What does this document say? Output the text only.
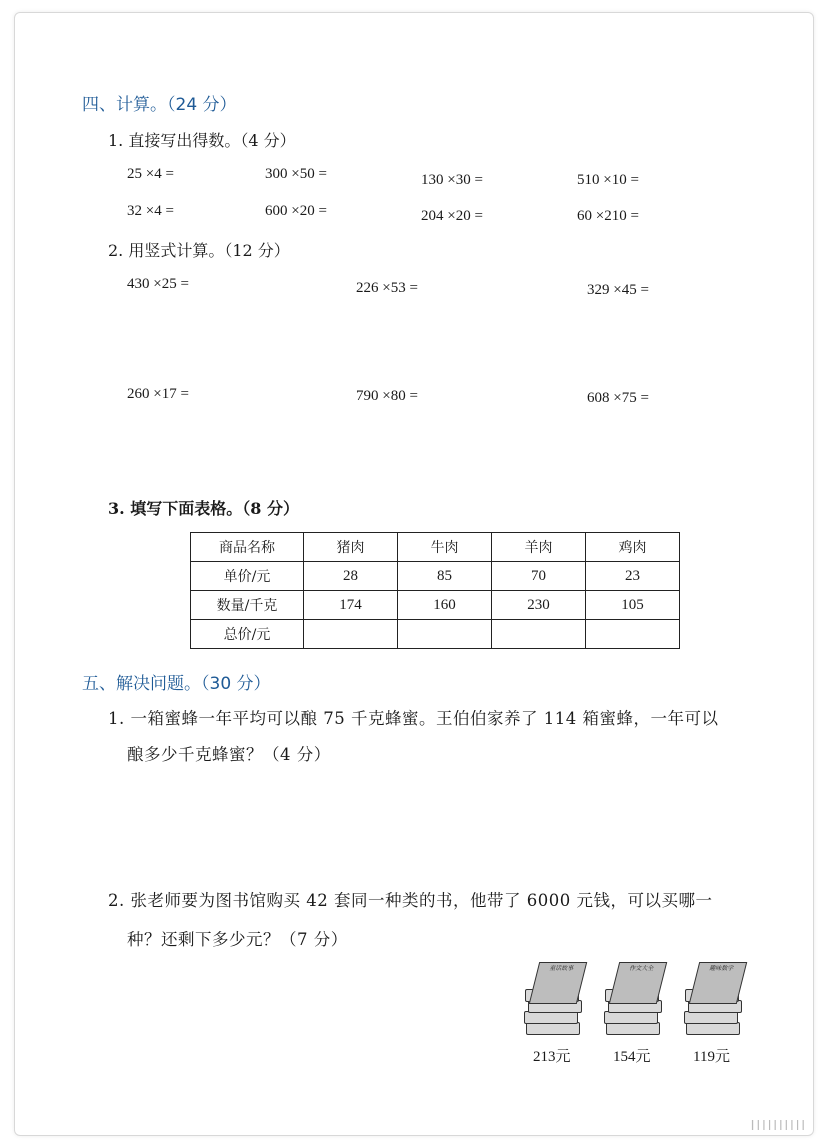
四、计算。（24 分）
1. 直接写出得数。（4 分）
25 ×4 =	300 ×50 =	130 ×30 =	510 ×10 =
32 ×4 =	600 ×20 =	204 ×20 =	60 ×210 =
2. 用竖式计算。（12 分）
430 ×25 =	226 ×53 =	329 ×45 =
260 ×17 =	790 ×80 =	608 ×75 =
3. 填写下面表格。（8 分）
商品名称	猪肉	牛肉	羊肉	鸡肉
单价/元	28	85	70	23
数量/千克	174	160	230	105
总价/元				
五、解决问题。（30 分）
1. 一箱蜜蜂一年平均可以酿 75 千克蜂蜜。王伯伯家养了 114 箱蜜蜂，一年可以
酿多少千克蜂蜜？（4 分）
2. 张老师要为图书馆购买 42 套同一种类的书，他带了 6000 元钱，可以买哪一
种？还剩下多少元？（7 分）
童话故事
213元
作文大全
154元
趣味数学
119元
Illlllllll
